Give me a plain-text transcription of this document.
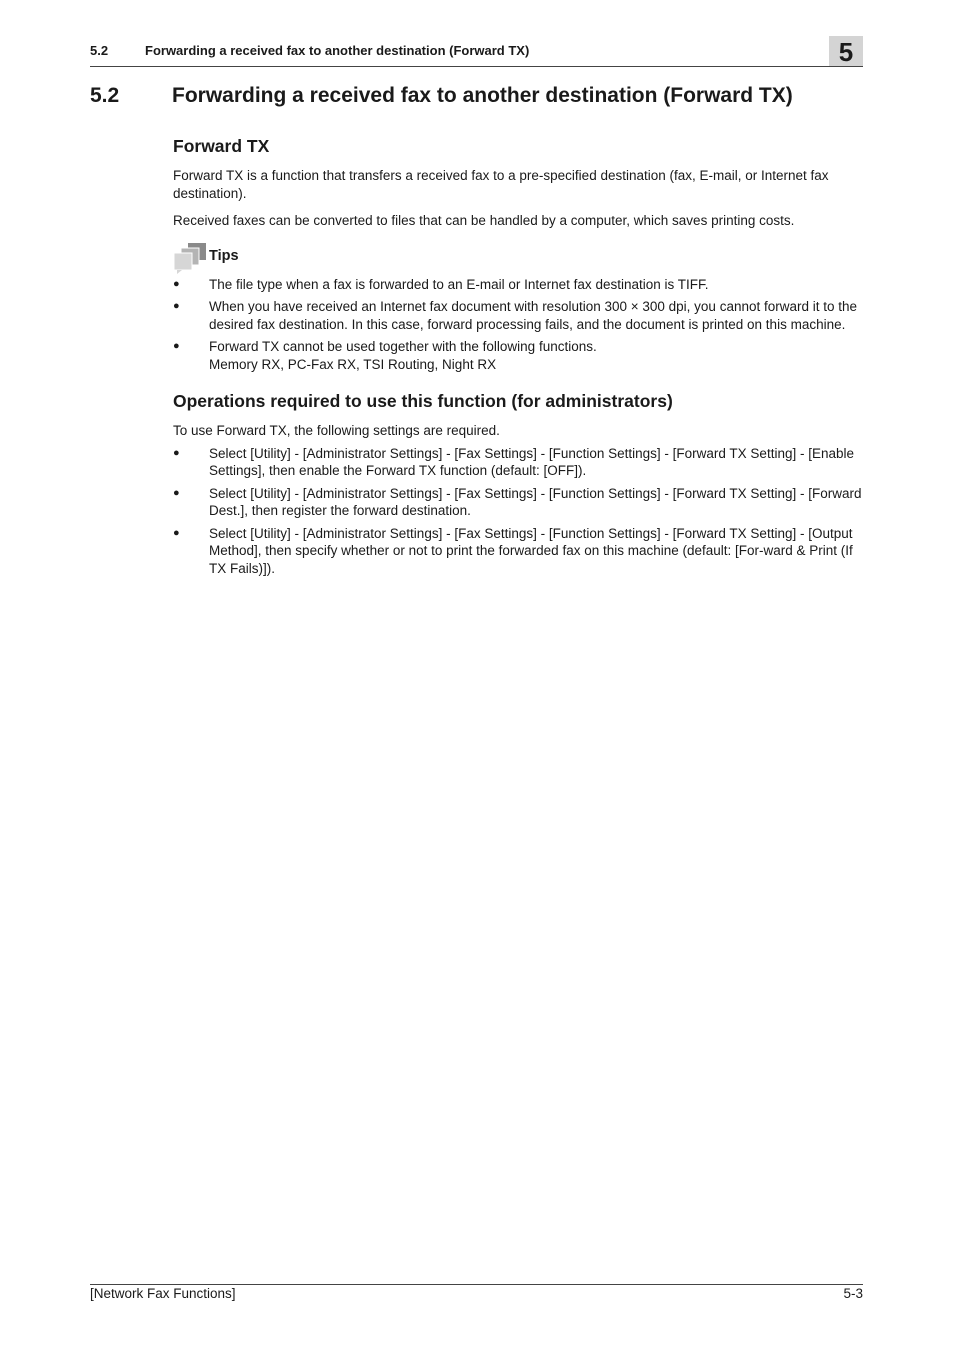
5.2	Forwarding a received fax to another destination (Forward TX)	5
5.2	Forwarding a received fax to another destination (Forward TX)
Forward TX

Forward TX is a function that transfers a received fax to a pre-specified destination (fax, E-mail, or Internet fax destination).

Received faxes can be converted to files that can be handled by a computer, which saves printing costs.

Tips
● The file type when a fax is forwarded to an E-mail or Internet fax destination is TIFF.
● When you have received an Internet fax document with resolution 300 × 300 dpi, you cannot forward it to the desired fax destination. In this case, forward processing fails, and the document is printed on this machine.
● Forward TX cannot be used together with the following functions.
Memory RX, PC-Fax RX, TSI Routing, Night RX
Operations required to use this function (for administrators)

To use Forward TX, the following settings are required.

● Select [Utility] - [Administrator Settings] - [Fax Settings] - [Function Settings] - [Forward TX Setting] - [Enable Settings], then enable the Forward TX function (default: [OFF]).
● Select [Utility] - [Administrator Settings] - [Fax Settings] - [Function Settings] - [Forward TX Setting] - [Forward Dest.], then register the forward destination.
● Select [Utility] - [Administrator Settings] - [Fax Settings] - [Function Settings] - [Forward TX Setting] - [Output Method], then specify whether or not to print the forwarded fax on this machine (default: [For-ward & Print (If TX Fails)]).
[Network Fax Functions]	5-3
